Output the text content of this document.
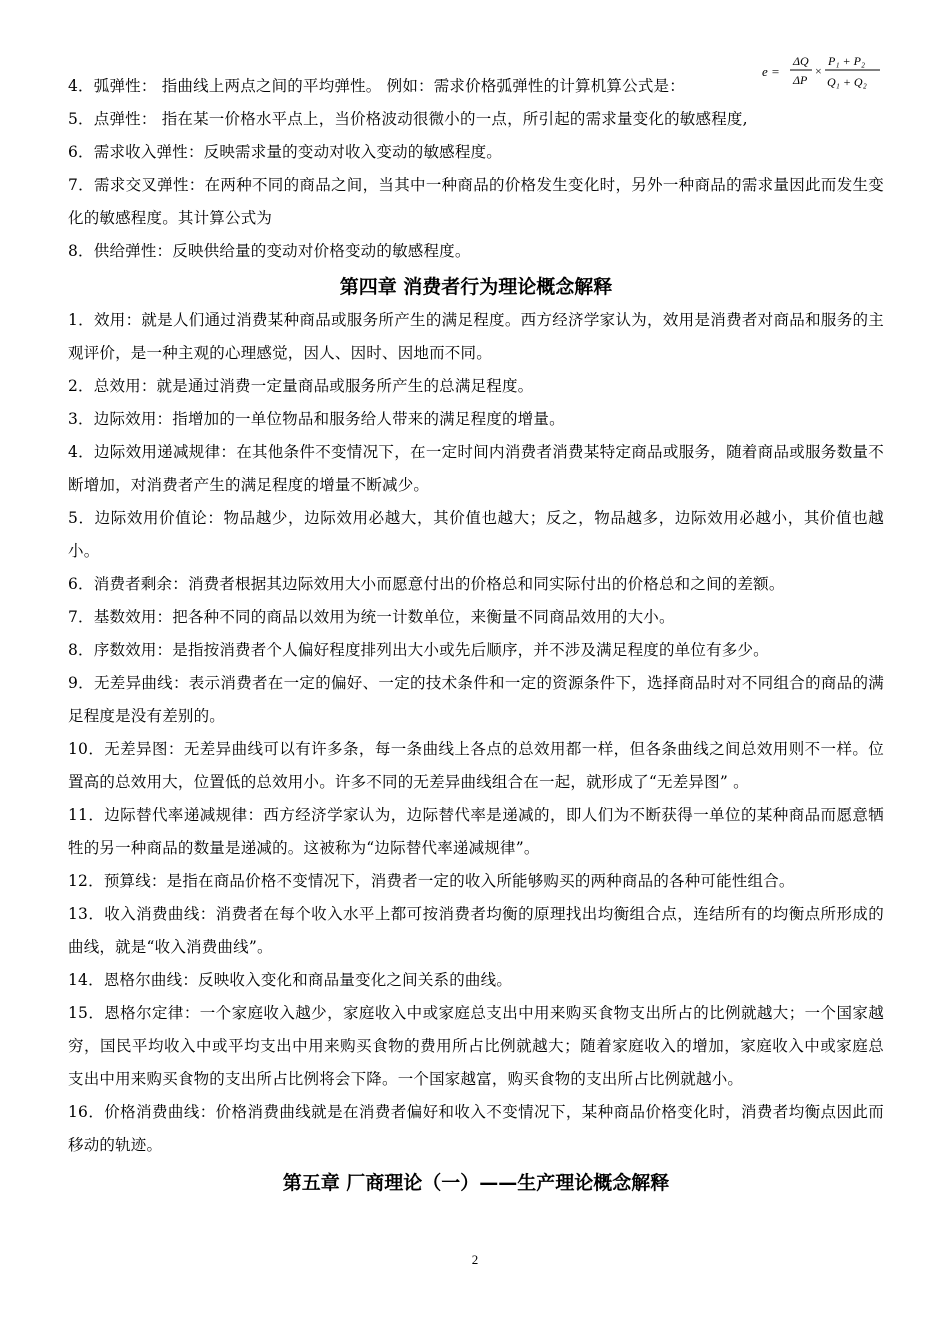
e =
ΔQ
ΔP
×
P₁ + P₂
Q₁ + Q₂
4．弧弹性： 指曲线上两点之间的平均弹性。 例如：需求价格弧弹性的计算机算公式是：
5．点弹性： 指在某一价格水平点上，当价格波动很微小的一点，所引起的需求量变化的敏感程度,
6．需求收入弹性：反映需求量的变动对收入变动的敏感程度。
7．需求交叉弹性：在两种不同的商品之间，当其中一种商品的价格发生变化时，另外一种商品的需求量因此而发生变化的敏感程度。其计算公式为
8．供给弹性：反映供给量的变动对价格变动的敏感程度。
第四章 消费者行为理论概念解释
1．效用：就是人们通过消费某种商品或服务所产生的满足程度。西方经济学家认为，效用是消费者对商品和服务的主观评价，是一种主观的心理感觉，因人、因时、因地而不同。
2．总效用：就是通过消费一定量商品或服务所产生的总满足程度。
3．边际效用：指增加的一单位物品和服务给人带来的满足程度的增量。
4．边际效用递减规律：在其他条件不变情况下，在一定时间内消费者消费某特定商品或服务，随着商品或服务数量不断增加，对消费者产生的满足程度的增量不断减少。
5．边际效用价值论：物品越少，边际效用必越大，其价值也越大；反之，物品越多，边际效用必越小，其价值也越小。
6．消费者剩余：消费者根据其边际效用大小而愿意付出的价格总和同实际付出的价格总和之间的差额。
7．基数效用：把各种不同的商品以效用为统一计数单位，来衡量不同商品效用的大小。
8．序数效用：是指按消费者个人偏好程度排列出大小或先后顺序，并不涉及满足程度的单位有多少。
9．无差异曲线：表示消费者在一定的偏好、一定的技术条件和一定的资源条件下，选择商品时对不同组合的商品的满足程度是没有差别的。
10．无差异图：无差异曲线可以有许多条，每一条曲线上各点的总效用都一样，但各条曲线之间总效用则不一样。位置高的总效用大，位置低的总效用小。许多不同的无差异曲线组合在一起，就形成了“无差异图” 。
11．边际替代率递减规律：西方经济学家认为，边际替代率是递减的，即人们为不断获得一单位的某种商品而愿意牺牲的另一种商品的数量是递减的。这被称为“边际替代率递减规律”。
12．预算线：是指在商品价格不变情况下，消费者一定的收入所能够购买的两种商品的各种可能性组合。
13．收入消费曲线：消费者在每个收入水平上都可按消费者均衡的原理找出均衡组合点，连结所有的均衡点所形成的曲线，就是“收入消费曲线”。
14．恩格尔曲线：反映收入变化和商品量变化之间关系的曲线。
15．恩格尔定律：一个家庭收入越少，家庭收入中或家庭总支出中用来购买食物支出所占的比例就越大；一个国家越穷，国民平均收入中或平均支出中用来购买食物的费用所占比例就越大；随着家庭收入的增加，家庭收入中或家庭总支出中用来购买食物的支出所占比例将会下降。一个国家越富，购买食物的支出所占比例就越小。
16．价格消费曲线：价格消费曲线就是在消费者偏好和收入不变情况下，某种商品价格变化时，消费者均衡点因此而移动的轨迹。
第五章 厂商理论（一）——生产理论概念解释
2
